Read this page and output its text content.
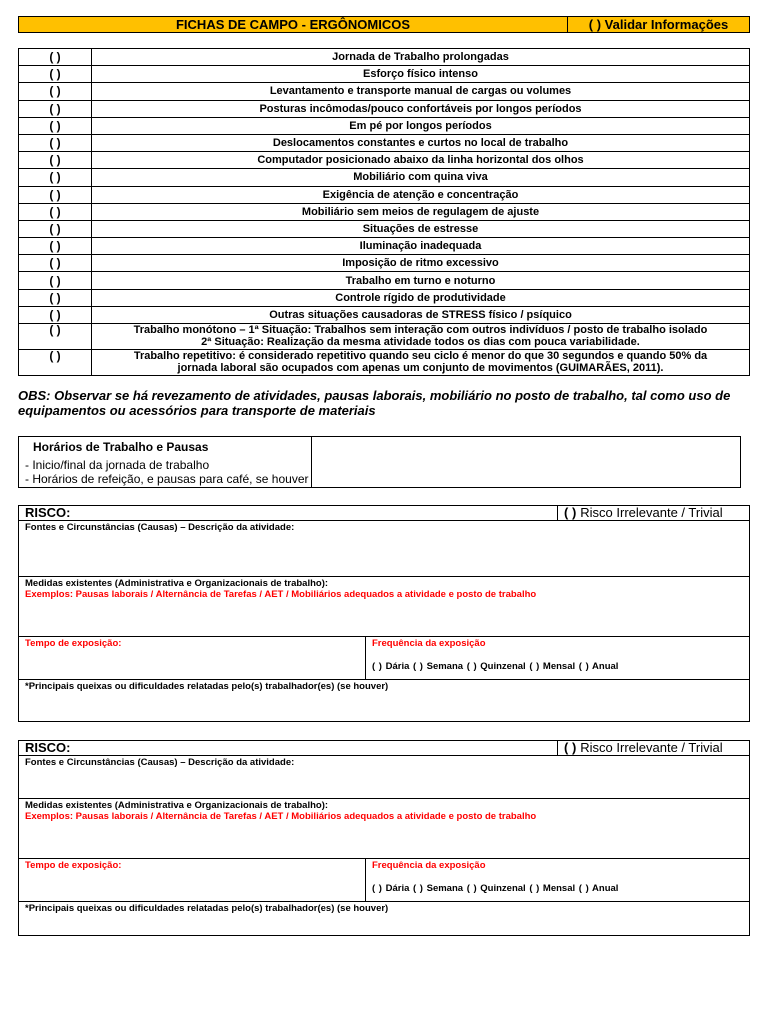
FICHAS DE CAMPO - ERGÔNOMICOS	( ) Validar Informações
( )	Jornada de Trabalho prolongadas
( )	Esforço físico intenso
( )	Levantamento e transporte manual de cargas ou volumes
( )	Posturas incômodas/pouco confortáveis por longos períodos
( )	Em pé por longos períodos
( )	Deslocamentos constantes e curtos no local de trabalho
( )	Computador posicionado abaixo da linha horizontal dos olhos
( )	Mobiliário com quina viva
( )	Exigência de atenção e concentração
( )	Mobiliário sem meios de regulagem de ajuste
( )	Situações de estresse
( )	Iluminação inadequada
( )	Imposição de ritmo excessivo
( )	Trabalho em turno e noturno
( )	Controle rígido de produtividade
( )	Outras situações causadoras de STRESS físico / psíquico
( )	Trabalho monótono – 1ª Situação: Trabalhos sem interação com outros indivíduos / posto de trabalho isolado
2ª Situação: Realização da mesma atividade todos os dias com pouca variabilidade.

( )	Trabalho repetitivo: é considerado repetitivo quando seu ciclo é menor do que 30 segundos e quando 50% da
jornada laboral são ocupados com apenas um conjunto de movimentos (GUIMARÃES, 2011).
OBS: Observar se há revezamento de atividades, pausas laborais, mobiliário no posto de trabalho, tal como uso de equipamentos ou acessórios para transporte de materiais
Horários de Trabalho e Pausas
- Inicio/final da jornada de trabalho
- Horários de refeição, e pausas para café, se houver
RISCO:	( ) Risco Irrelevante / Trivial
Fontes e Circunstâncias (Causas) – Descrição da atividade:
Medidas existentes (Administrativa e Organizacionais de trabalho):
Exemplos: Pausas laborais / Alternância de Tarefas / AET / Mobiliários adequados a atividade e posto de trabalho
Tempo de exposição:	Frequência da exposição
( ) Dária ( ) Semana ( ) Quinzenal ( ) Mensal ( ) Anual
*Principais queixas ou dificuldades relatadas pelo(s) trabalhador(es) (se houver)
RISCO:	( ) Risco Irrelevante / Trivial
Fontes e Circunstâncias (Causas) – Descrição da atividade:
Medidas existentes (Administrativa e Organizacionais de trabalho):
Exemplos: Pausas laborais / Alternância de Tarefas / AET / Mobiliários adequados a atividade e posto de trabalho
Tempo de exposição:	Frequência da exposição
( ) Dária ( ) Semana ( ) Quinzenal ( ) Mensal ( ) Anual
*Principais queixas ou dificuldades relatadas pelo(s) trabalhador(es) (se houver)
